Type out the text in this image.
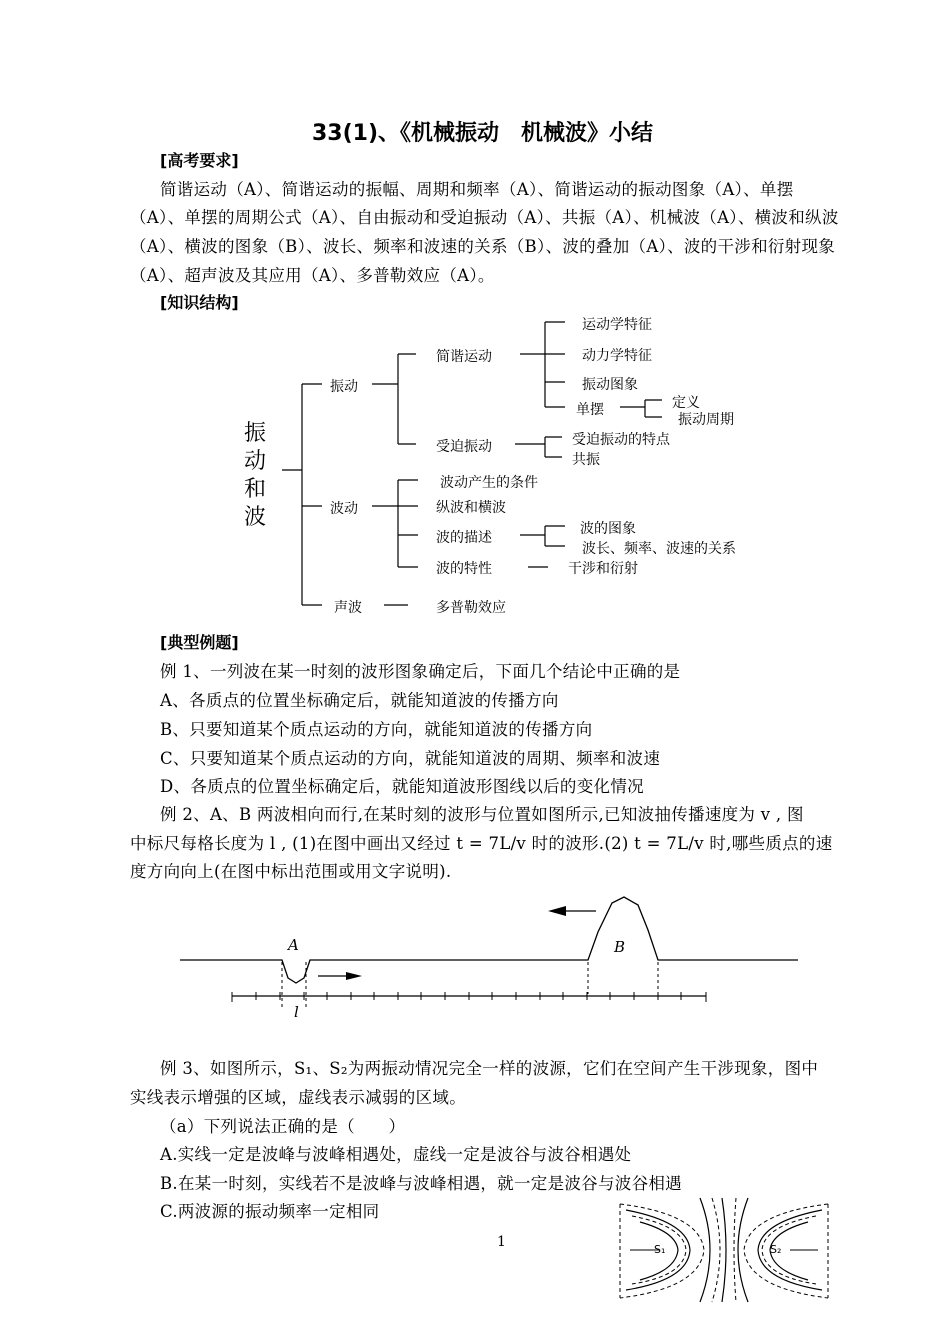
33(1)、《机械振动　机械波》小结
[高考要求]
简谐运动（A）、简谐运动的振幅、周期和频率（A）、简谐运动的振动图象（A）、单摆
（A）、单摆的周期公式（A）、自由振动和受迫振动（A）、共振（A）、机械波（A）、横波和纵波
（A）、横波的图象（B）、波长、频率和波速的关系（B）、波的叠加（A）、波的干涉和衍射现象
（A）、超声波及其应用（A）、多普勒效应（A）。
[知识结构]
振
动
和
波
振动
简谐运动
运动学特征
动力学特征
振动图象
单摆	定义
振动周期
受迫振动	受迫振动的特点
共振
波动
波动产生的条件
纵波和横波
波的描述
波的图象
波长、频率、波速的关系
波的特性	干涉和衍射
声波	多普勒效应
[典型例题]
例 1、一列波在某一时刻的波形图象确定后，下面几个结论中正确的是
A、各质点的位置坐标确定后，就能知道波的传播方向
B、只要知道某个质点运动的方向，就能知道波的传播方向
C、只要知道某个质点运动的方向，就能知道波的周期、频率和波速
D、各质点的位置坐标确定后，就能知道波形图线以后的变化情况
例 2、A、B 两波相向而行,在某时刻的波形与位置如图所示,已知波抽传播速度为 v , 图
中标尺每格长度为 l , (1)在图中画出又经过 t = 7L/v 时的波形.(2) t = 7L/v 时,哪些质点的速
度方向向上(在图中标出范围或用文字说明).
A	B
l
例 3、如图所示，S₁、S₂为两振动情况完全一样的波源，它们在空间产生干涉现象，图中
实线表示增强的区域，虚线表示减弱的区域。
（a）下列说法正确的是（　　）
A.实线一定是波峰与波峰相遇处，虚线一定是波谷与波谷相遇处
B.在某一时刻，实线若不是波峰与波峰相遇，就一定是波谷与波谷相遇
C.两波源的振动频率一定相同
S₁	S₂
1
